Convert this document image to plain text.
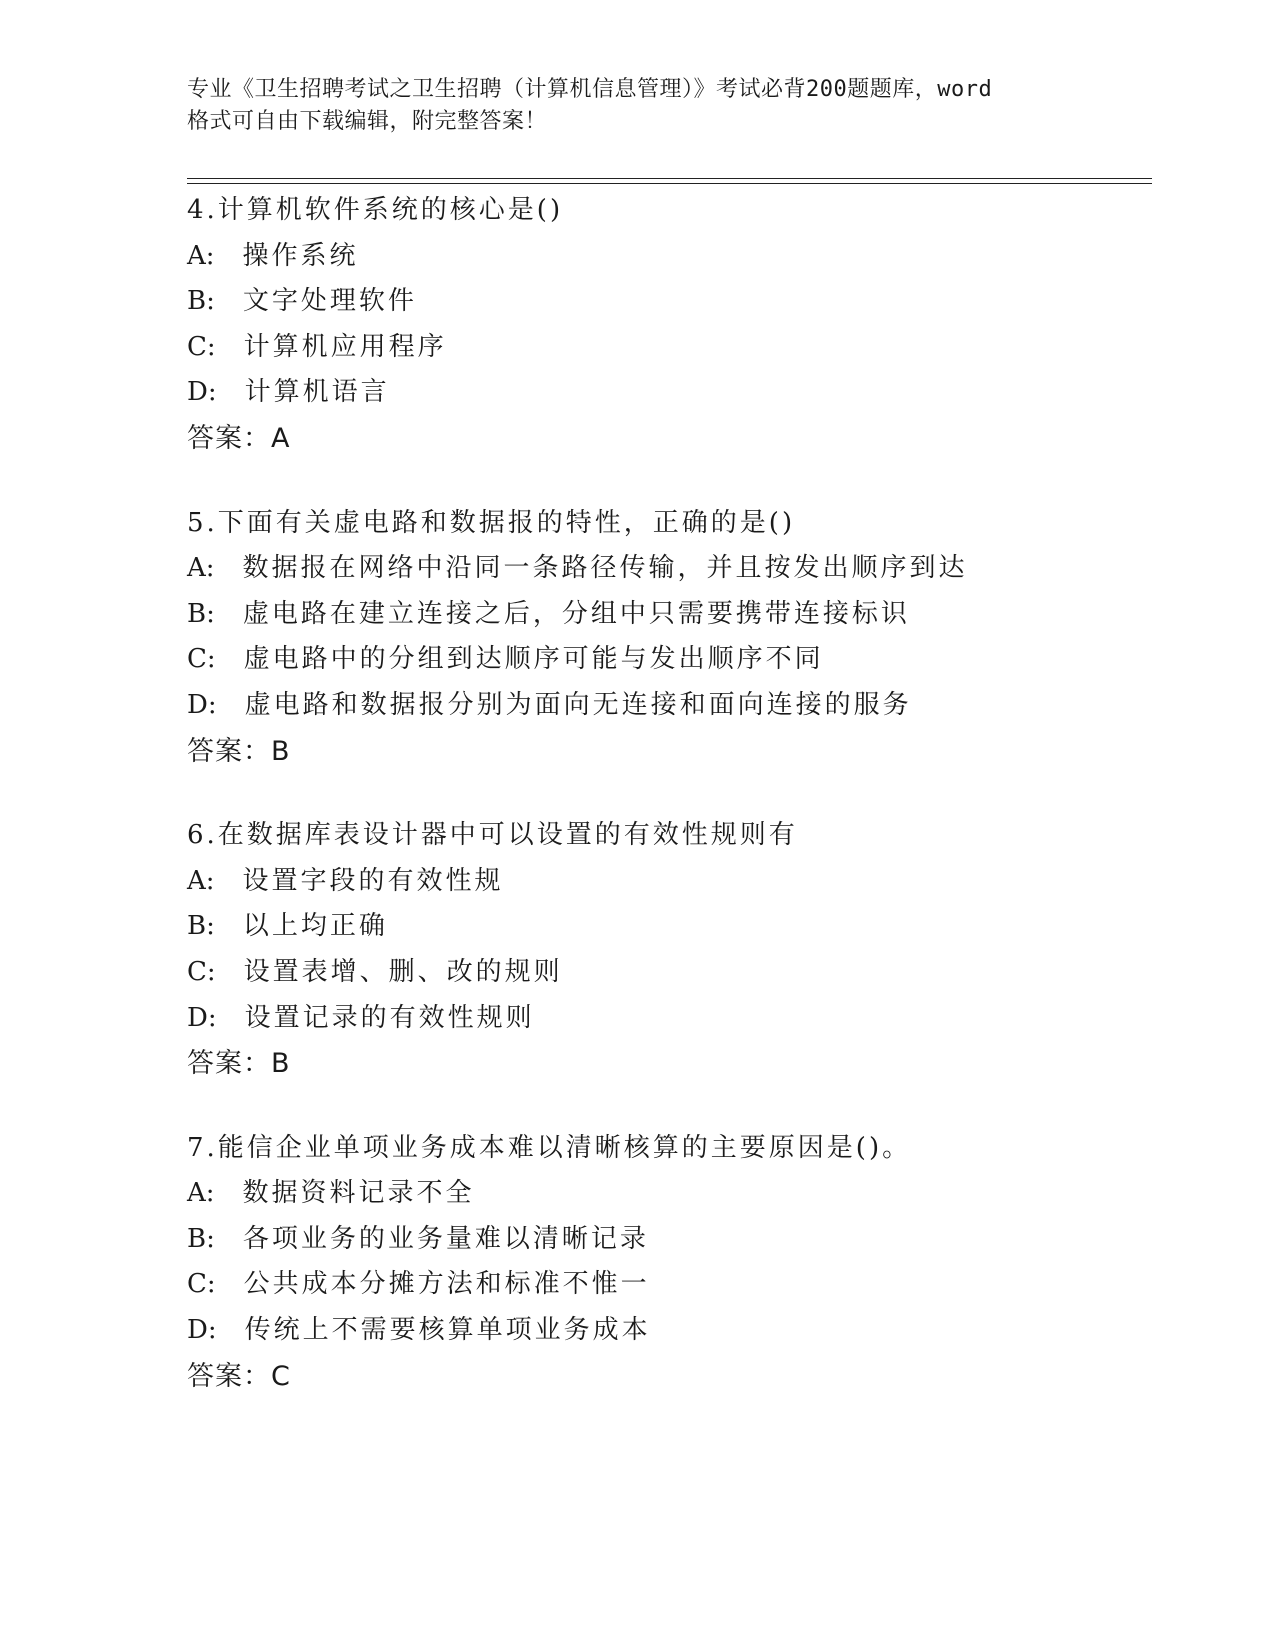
专业《卫生招聘考试之卫生招聘（计算机信息管理）》考试必背200题题库，word
格式可自由下载编辑，附完整答案！
4.计算机软件系统的核心是()
A: 操作系统
B: 文字处理软件
C: 计算机应用程序
D: 计算机语言
答案：A
5.下面有关虚电路和数据报的特性，正确的是()
A: 数据报在网络中沿同一条路径传输，并且按发出顺序到达
B: 虚电路在建立连接之后，分组中只需要携带连接标识
C: 虚电路中的分组到达顺序可能与发出顺序不同
D: 虚电路和数据报分别为面向无连接和面向连接的服务
答案：B
6.在数据库表设计器中可以设置的有效性规则有
A: 设置字段的有效性规
B: 以上均正确
C: 设置表增、删、改的规则
D: 设置记录的有效性规则
答案：B
7.能信企业单项业务成本难以清晰核算的主要原因是()。
A: 数据资料记录不全
B: 各项业务的业务量难以清晰记录
C: 公共成本分摊方法和标准不惟一
D: 传统上不需要核算单项业务成本
答案：C
